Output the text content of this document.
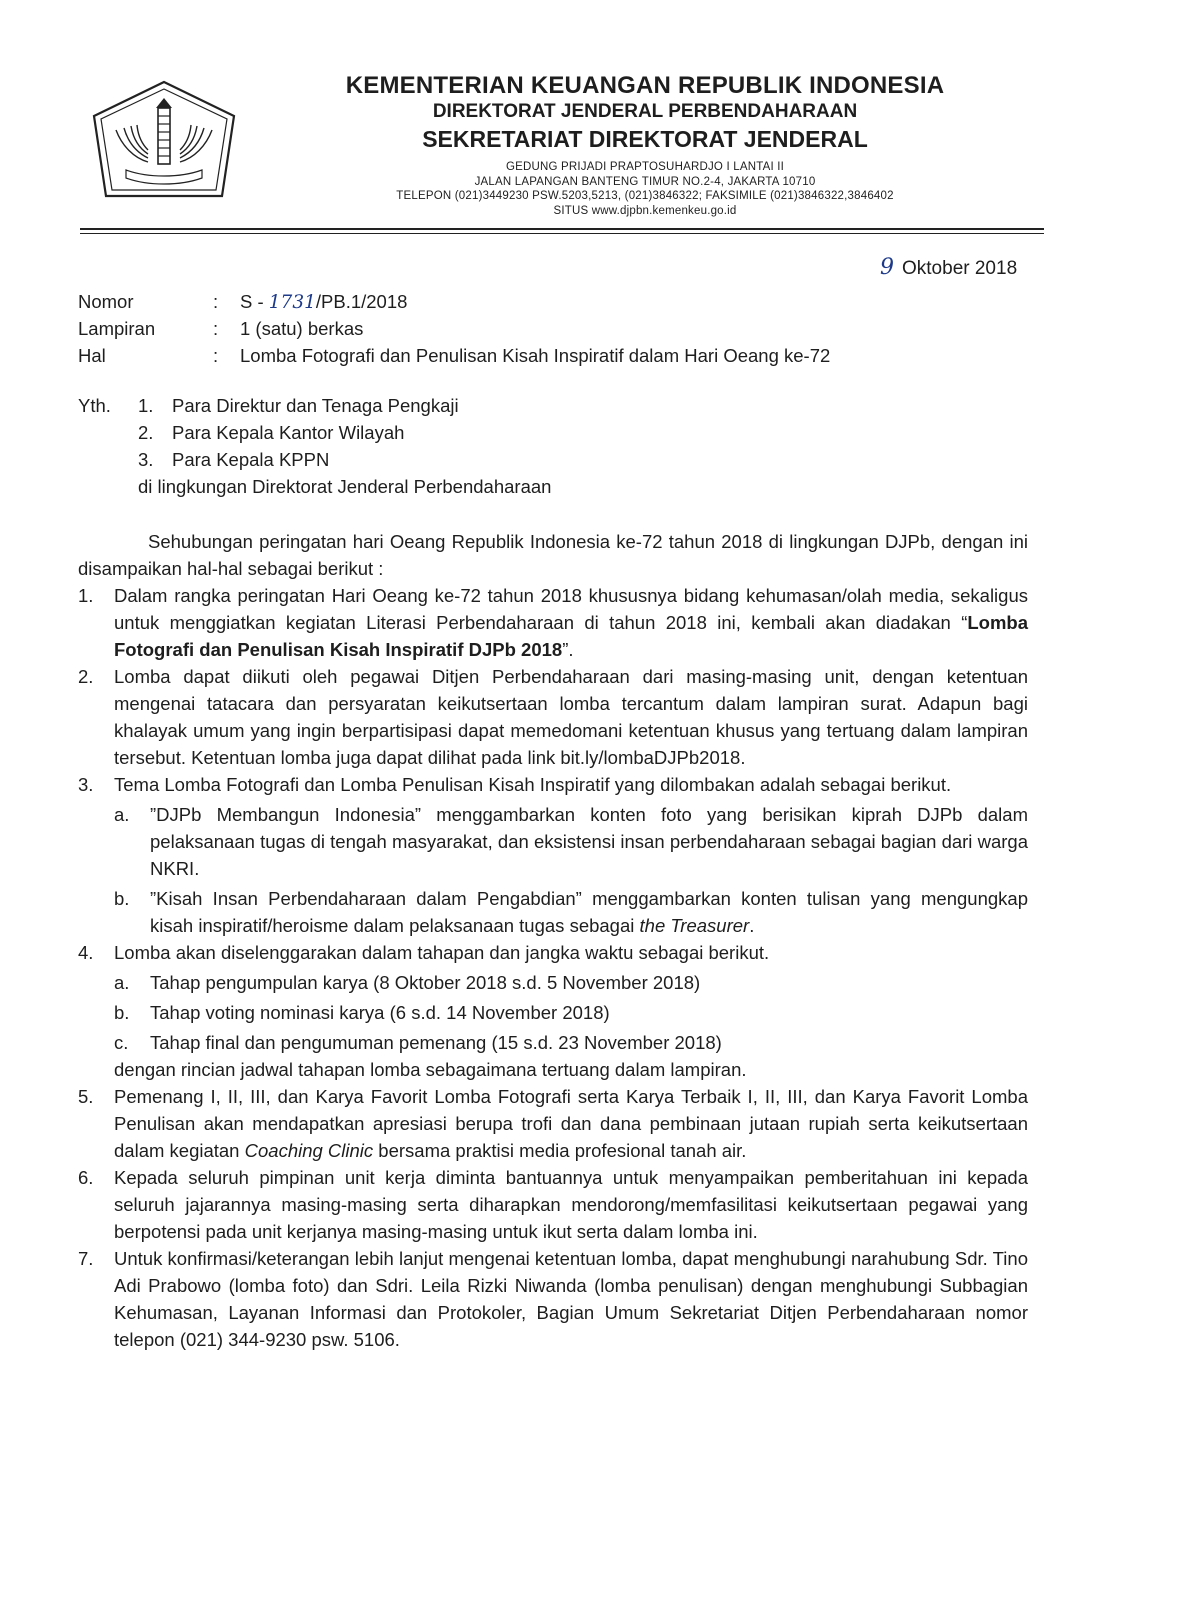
KEMENTERIAN KEUANGAN REPUBLIK INDONESIA
DIREKTORAT JENDERAL PERBENDAHARAAN
SEKRETARIAT DIREKTORAT JENDERAL
GEDUNG PRIJADI PRAPTOSUHARDJO I LANTAI II
JALAN LAPANGAN BANTENG TIMUR NO.2-4, JAKARTA 10710
TELEPON (021)3449230 PSW.5203,5213, (021)3846322; FAKSIMILE (021)3846322,3846402
SITUS www.djpbn.kemenkeu.go.id
9 Oktober 2018
Nomor	:	S - 1731/PB.1/2018
Lampiran	:	1 (satu) berkas
Hal	:	Lomba Fotografi dan Penulisan Kisah Inspiratif dalam Hari Oeang ke-72
Yth.	1.	Para Direktur dan Tenaga Pengkaji
2.	Para Kepala Kantor Wilayah
3.	Para Kepala KPPN
di lingkungan Direktorat Jenderal Perbendaharaan

Sehubungan peringatan hari Oeang Republik Indonesia ke-72 tahun 2018 di lingkungan DJPb, dengan ini disampaikan hal-hal sebagai berikut :

1.	Dalam rangka peringatan Hari Oeang ke-72 tahun 2018 khususnya bidang kehumasan/olah media, sekaligus untuk menggiatkan kegiatan Literasi Perbendaharaan di tahun 2018 ini, kembali akan diadakan “Lomba Fotografi dan Penulisan Kisah Inspiratif DJPb 2018”.
2.	Lomba dapat diikuti oleh pegawai Ditjen Perbendaharaan dari masing-masing unit, dengan ketentuan mengenai tatacara dan persyaratan keikutsertaan lomba tercantum dalam lampiran surat. Adapun bagi khalayak umum yang ingin berpartisipasi dapat memedomani ketentuan khusus yang tertuang dalam lampiran tersebut. Ketentuan lomba juga dapat dilihat pada link bit.ly/lombaDJPb2018.
3.	Tema Lomba Fotografi dan Lomba Penulisan Kisah Inspiratif yang dilombakan adalah sebagai berikut.
a.	”DJPb Membangun Indonesia” menggambarkan konten foto yang berisikan kiprah DJPb dalam pelaksanaan tugas di tengah masyarakat, dan eksistensi insan perbendaharaan sebagai bagian dari warga NKRI.
b.	”Kisah Insan Perbendaharaan dalam Pengabdian” menggambarkan konten tulisan yang mengungkap kisah inspiratif/heroisme dalam pelaksanaan tugas sebagai the Treasurer.
4.	Lomba akan diselenggarakan dalam tahapan dan jangka waktu sebagai berikut.
a.	Tahap pengumpulan karya (8 Oktober 2018 s.d. 5 November 2018)
b.	Tahap voting nominasi karya (6 s.d. 14 November 2018)
c.	Tahap final dan pengumuman pemenang (15 s.d. 23 November 2018)
dengan rincian jadwal tahapan lomba sebagaimana tertuang dalam lampiran.
5.	Pemenang I, II, III, dan Karya Favorit Lomba Fotografi serta Karya Terbaik I, II, III, dan Karya Favorit Lomba Penulisan akan mendapatkan apresiasi berupa trofi dan dana pembinaan jutaan rupiah serta keikutsertaan dalam kegiatan Coaching Clinic bersama praktisi media profesional tanah air.
6.	Kepada seluruh pimpinan unit kerja diminta bantuannya untuk menyampaikan pemberitahuan ini kepada seluruh jajarannya masing-masing serta diharapkan mendorong/memfasilitasi keikutsertaan pegawai yang berpotensi pada unit kerjanya masing-masing untuk ikut serta dalam lomba ini.
7.	Untuk konfirmasi/keterangan lebih lanjut mengenai ketentuan lomba, dapat menghubungi narahubung Sdr. Tino Adi Prabowo (lomba foto) dan Sdri. Leila Rizki Niwanda (lomba penulisan) dengan menghubungi Subbagian Kehumasan, Layanan Informasi dan Protokoler, Bagian Umum Sekretariat Ditjen Perbendaharaan nomor telepon (021) 344-9230 psw. 5106.
